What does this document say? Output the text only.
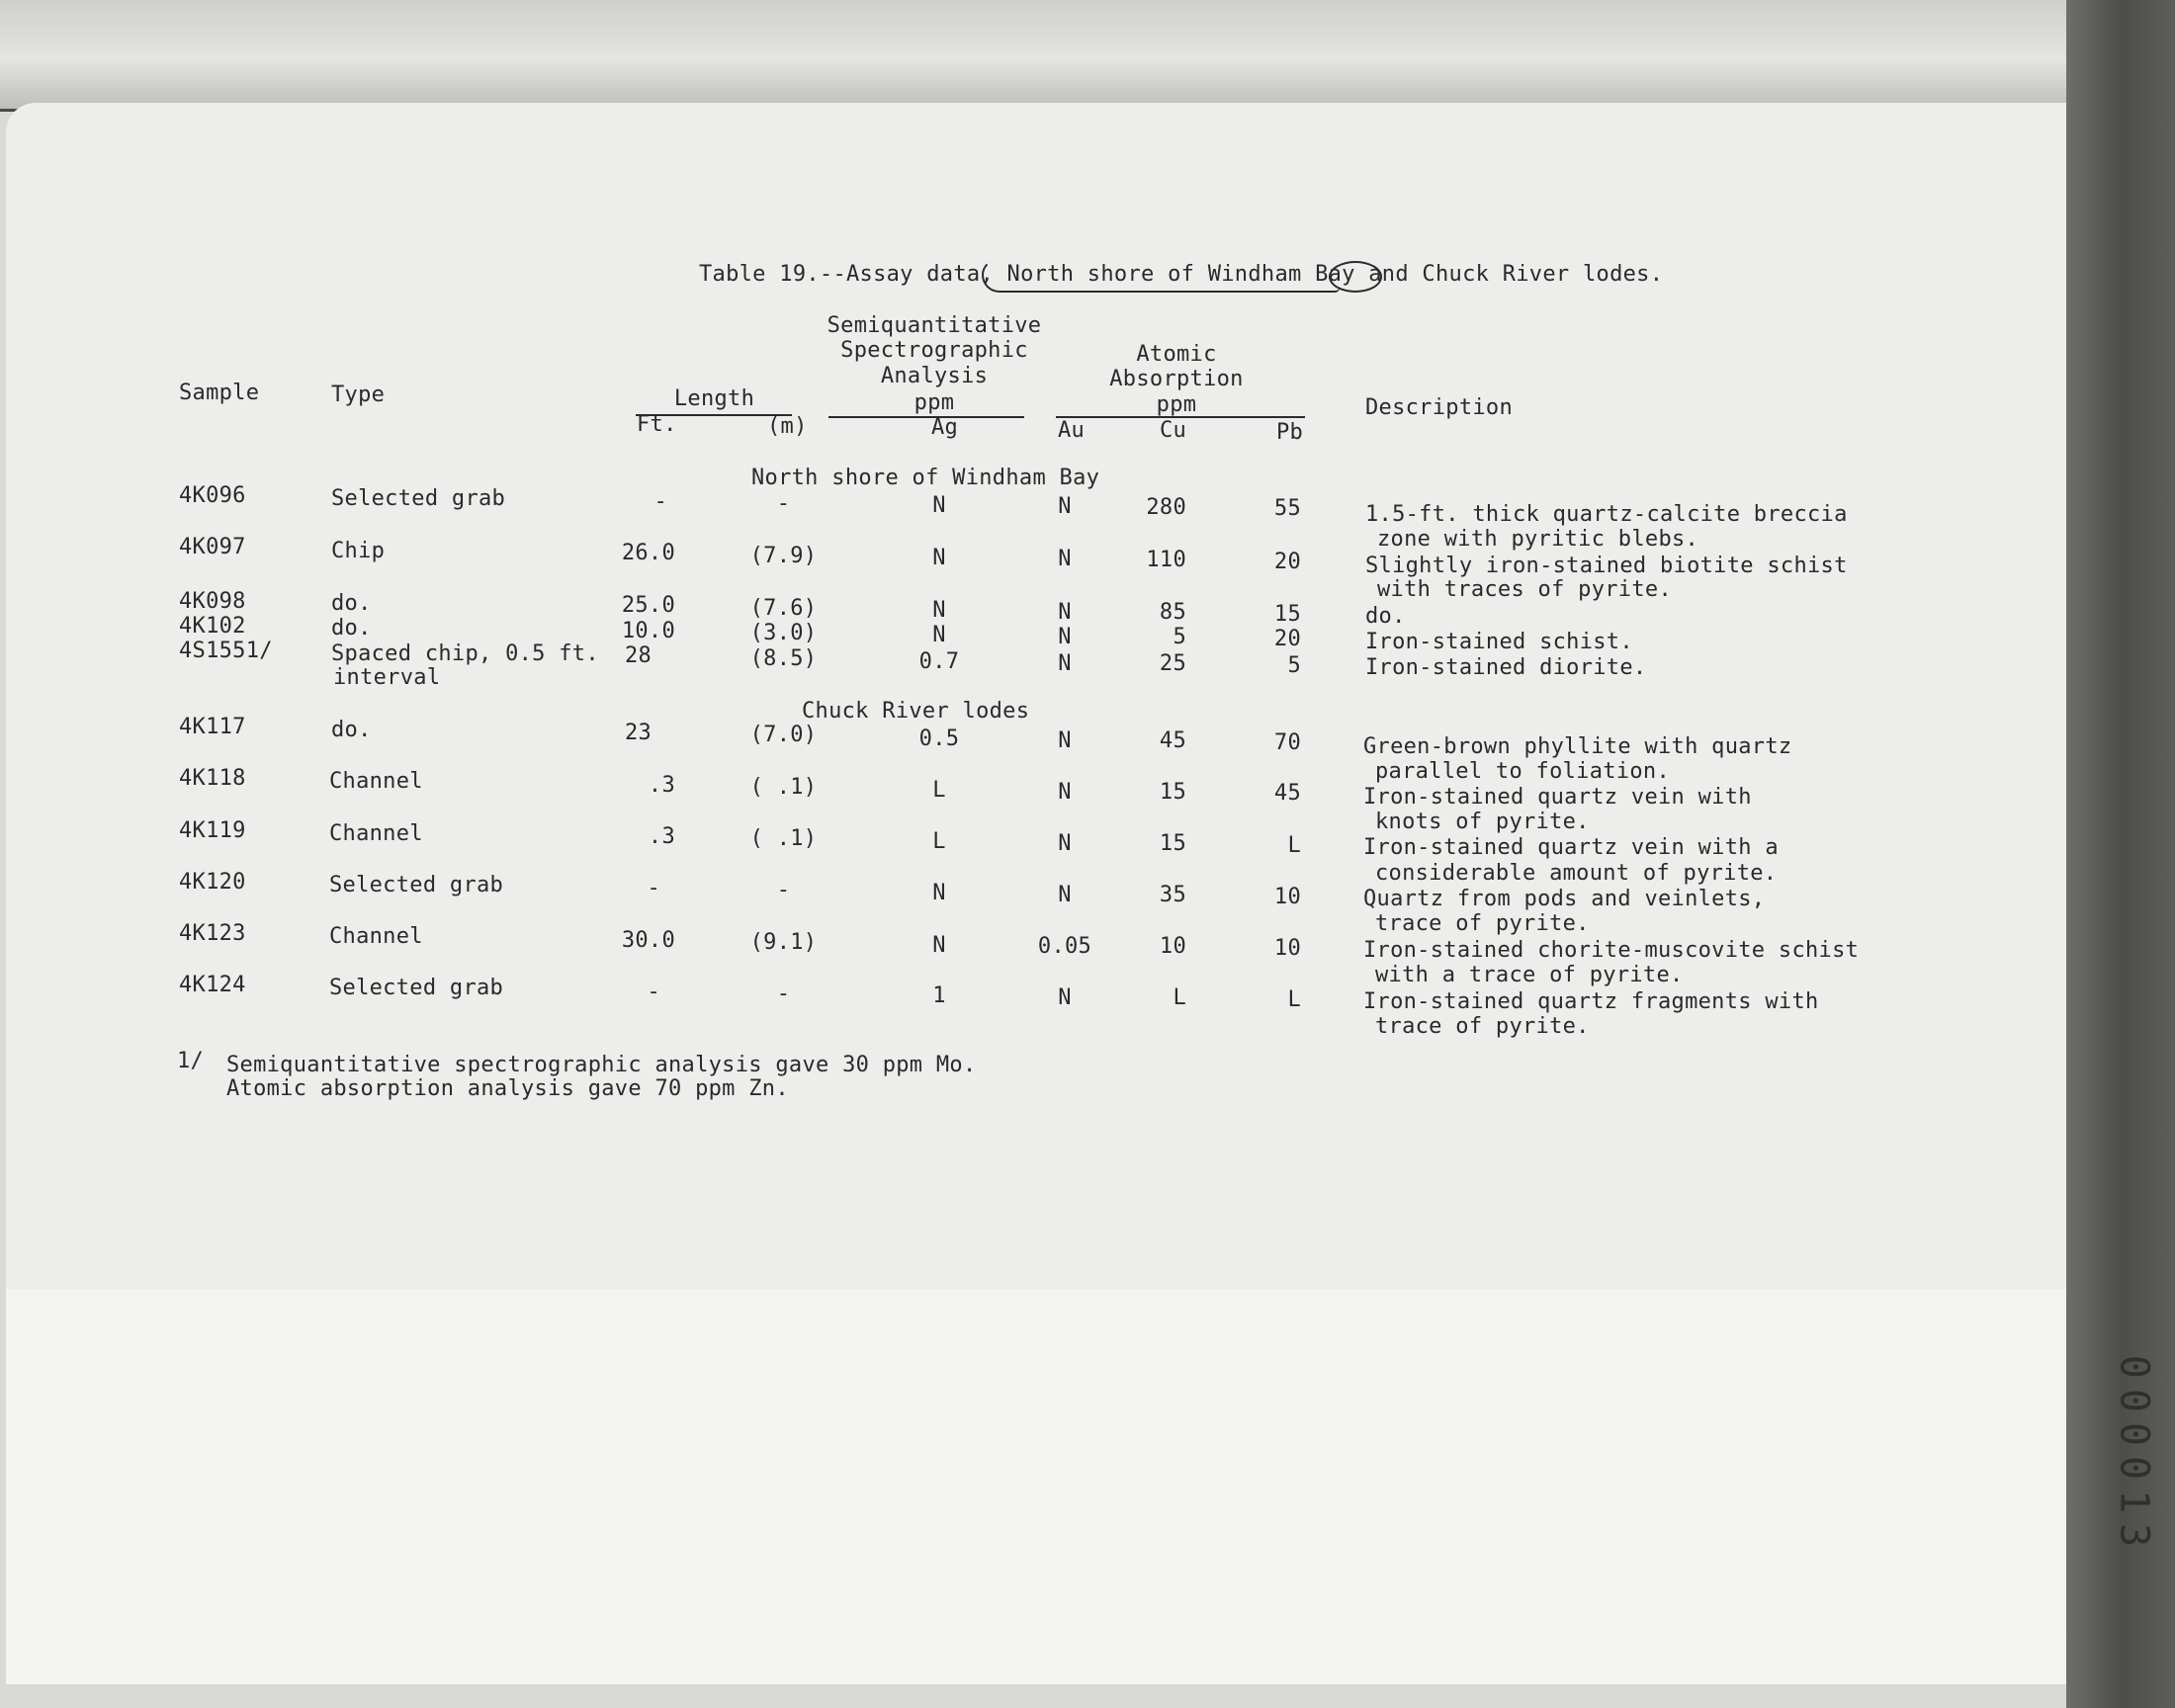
Table 19.--Assay data, North shore of Windham Bay and Chuck River lodes.
Semiquantitative
Spectrographic
Analysis
ppm
Atomic
Absorption
ppm
Sample	Type	Length	Description
Ft.	(m)	Ag	Au	Cu	Pb
North shore of Windham Bay
Chuck River lodes
4K096	Selected grab	-	-	N	N	280	55	1.5-ft. thick quartz-calcite breccia
zone with pyritic blebs.
4K097	Chip	26.0	(7.9)	N	N	110	20	Slightly iron-stained biotite schist
with traces of pyrite.
4K098	do.	25.0	(7.6)	N	N	85	15	do.
4K102	do.	10.0	(3.0)	N	N	5	20	Iron-stained schist.
4S1551/	Spaced chip, 0.5 ft.
interval
28	(8.5)	0.7	N	25	5	Iron-stained diorite.
4K117	do.	23	(7.0)	0.5	N	45	70	Green-brown phyllite with quartz
parallel to foliation.
4K118	Channel	.3	( .1)	L	N	15	45	Iron-stained quartz vein with
knots of pyrite.
4K119	Channel	.3	( .1)	L	N	15	L	Iron-stained quartz vein with a
considerable amount of pyrite.
4K120	Selected grab	-	-	N	N	35	10	Quartz from pods and veinlets,
trace of pyrite.
4K123	Channel	30.0	(9.1)	N	0.05	10	10	Iron-stained chorite-muscovite schist
with a trace of pyrite.
4K124	Selected grab	-	-	1	N	L	L	Iron-stained quartz fragments with
trace of pyrite.
1/ Semiquantitative spectrographic analysis gave 30 ppm Mo.
Atomic absorption analysis gave 70 ppm Zn.
000013
